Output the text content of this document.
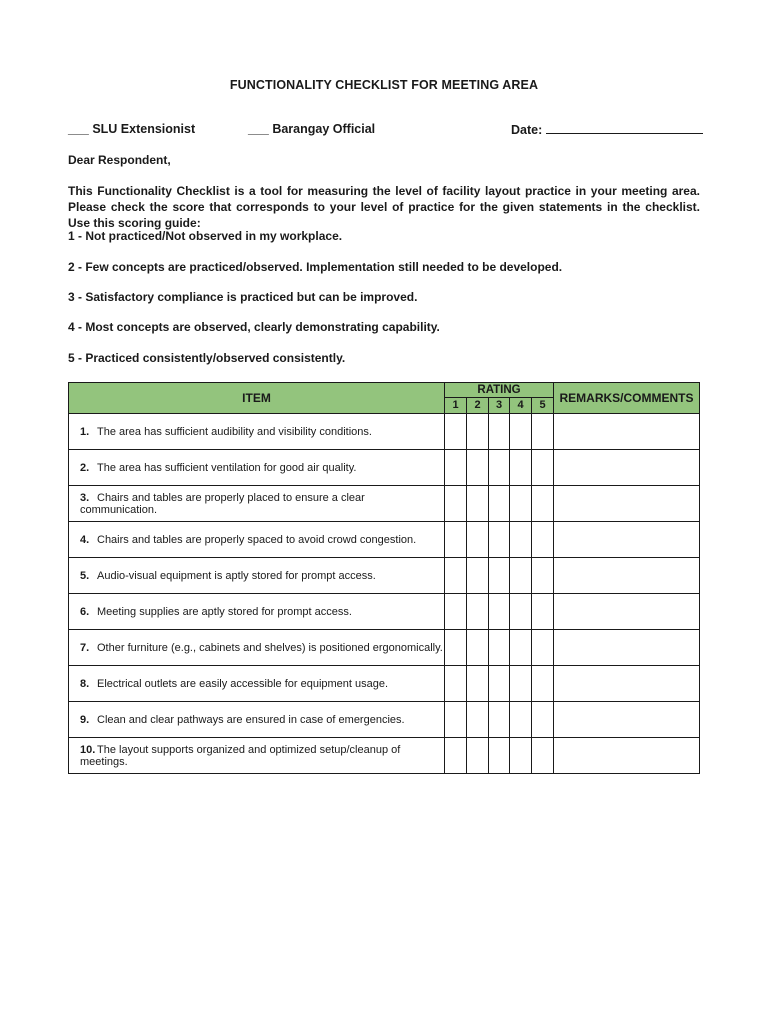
FUNCTIONALITY CHECKLIST FOR MEETING AREA
___ SLU Extensionist	___ Barangay Official	Date:
Dear Respondent,
This Functionality Checklist is a tool for measuring the level of facility layout practice in your meeting area. Please check the score that corresponds to your level of practice for the given statements in the checklist. Use this scoring guide:
1 - Not practiced/Not observed in my workplace.
2 - Few concepts are practiced/observed. Implementation still needed to be developed.
3 - Satisfactory compliance is practiced but can be improved.
4 - Most concepts are observed, clearly demonstrating capability.
5 - Practiced consistently/observed consistently.
ITEM	RATING					REMARKS/COMMENTS
	1	2	3	4	5	
1. The area has sufficient audibility and visibility conditions.						
2. The area has sufficient ventilation for good air quality.						
3. Chairs and tables are properly placed to ensure a clear communication.						
4. Chairs and tables are properly spaced to avoid crowd congestion.						
5. Audio-visual equipment is aptly stored for prompt access.						
6. Meeting supplies are aptly stored for prompt access.						
7. Other furniture (e.g., cabinets and shelves) is positioned ergonomically.						
8. Electrical outlets are easily accessible for equipment usage.						
9. Clean and clear pathways are ensured in case of emergencies.						
10. The layout supports organized and optimized setup/cleanup of meetings.						
